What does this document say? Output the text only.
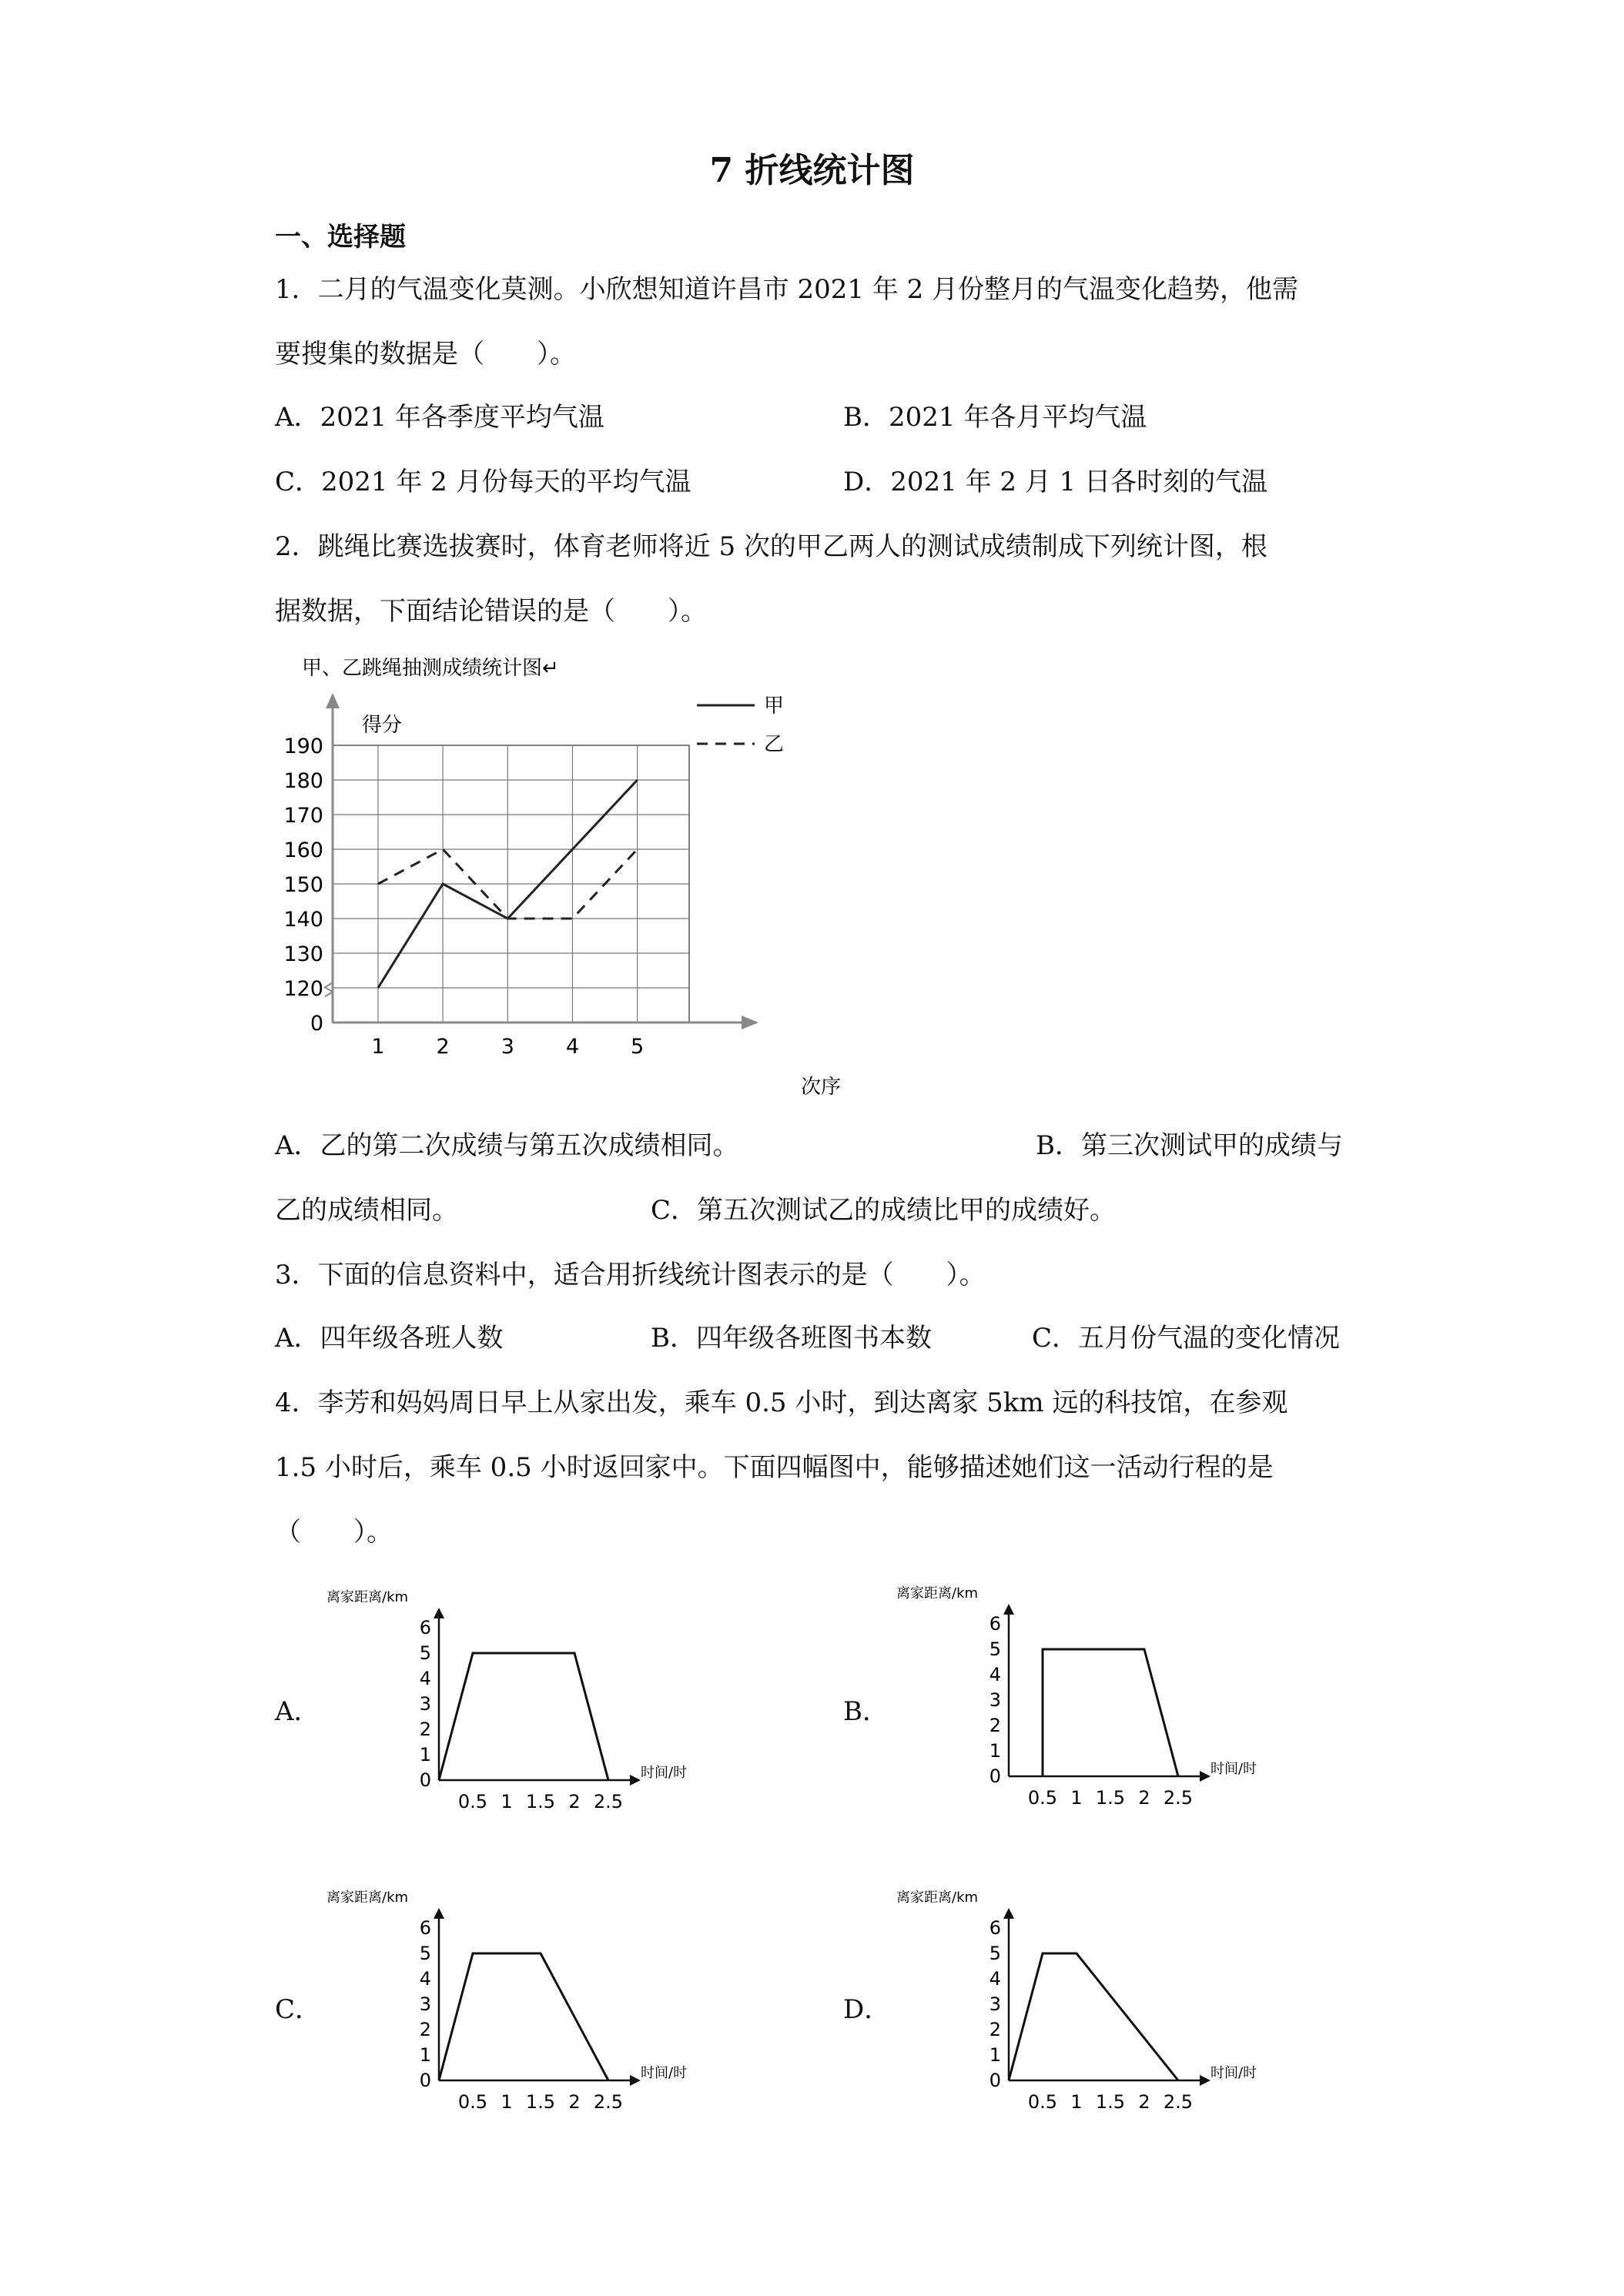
7 折线统计图
一、选择题
1．二月的气温变化莫测。小欣想知道许昌市 2021 年 2 月份整月的气温变化趋势，他需
要搜集的数据是（　　）。
A．2021 年各季度平均气温	B．2021 年各月平均气温
C．2021 年 2 月份每天的平均气温	D．2021 年 2 月 1 日各时刻的气温
2．跳绳比赛选拔赛时，体育老师将近 5 次的甲乙两人的测试成绩制成下列统计图，根
据数据，下面结论错误的是（　　）。
甲、乙跳绳抽测成绩统计图↵
得分
次序
0
120
130
140
150
160
170
180
190
1 2 3 4 5
甲
乙
A．乙的第二次成绩与第五次成绩相同。	B．第三次测试甲的成绩与
乙的成绩相同。	C．第五次测试乙的成绩比甲的成绩好。
3．下面的信息资料中，适合用折线统计图表示的是（　　）。
A．四年级各班人数	B．四年级各班图书本数	C．五月份气温的变化情况
4．李芳和妈妈周日早上从家出发，乘车 0.5 小时，到达离家 5km 远的科技馆，在参观
1.5 小时后，乘车 0.5 小时返回家中。下面四幅图中，能够描述她们这一活动行程的是
（　　）。
A．	B．
C．	D．
离家距离/km
时间/时
0
1
2
3
4
5
6
0.5 1 1.5 2 2.5
离家距离/km
时间/时
0
1
2
3
4
5
6
0.5 1 1.5 2 2.5
离家距离/km
时间/时
0
1
2
3
4
5
6
0.5 1 1.5 2 2.5
离家距离/km
时间/时
0
1
2
3
4
5
6
0.5 1 1.5 2 2.5
